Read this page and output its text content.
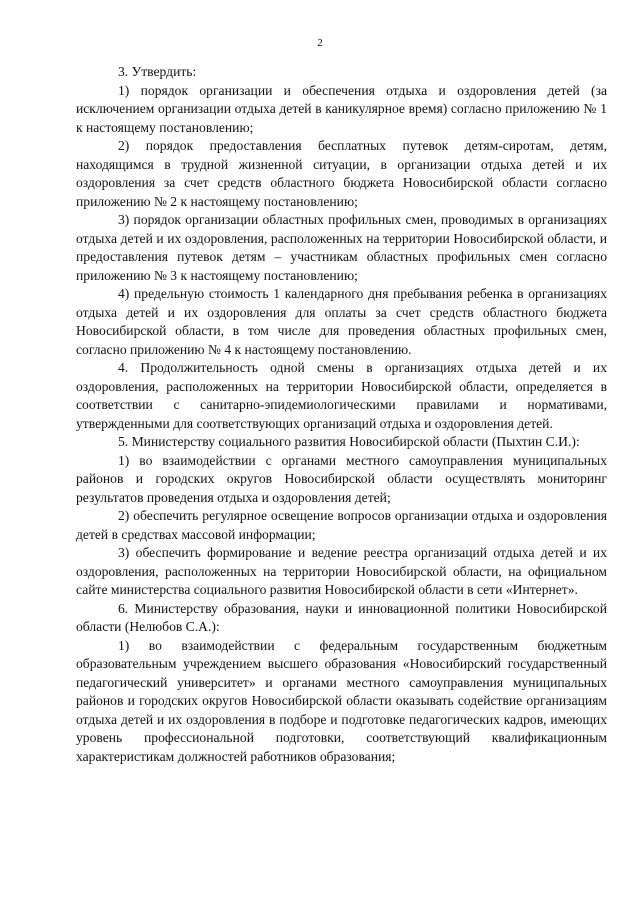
2

3. Утвердить:

1) порядок организации и обеспечения отдыха и оздоровления детей (за исключением организации отдыха детей в каникулярное время) согласно приложению № 1 к настоящему постановлению;

2) порядок предоставления бесплатных путевок детям-сиротам, детям, находящимся в трудной жизненной ситуации, в организации отдыха детей и их оздоровления за счет средств областного бюджета Новосибирской области согласно приложению № 2 к настоящему постановлению;

3) порядок организации областных профильных смен, проводимых в организациях отдыха детей и их оздоровления, расположенных на территории Новосибирской области, и предоставления путевок детям – участникам областных профильных смен согласно приложению № 3 к настоящему постановлению;

4) предельную стоимость 1 календарного дня пребывания ребенка в организациях отдыха детей и их оздоровления для оплаты за счет средств областного бюджета Новосибирской области, в том числе для проведения областных профильных смен, согласно приложению № 4 к настоящему постановлению.

4. Продолжительность одной смены в организациях отдыха детей и их оздоровления, расположенных на территории Новосибирской области, определяется в соответствии с санитарно-эпидемиологическими правилами и нормативами, утвержденными для соответствующих организаций отдыха и оздоровления детей.

5. Министерству социального развития Новосибирской области (Пыхтин С.И.):

1) во взаимодействии с органами местного самоуправления муниципальных районов и городских округов Новосибирской области осуществлять мониторинг результатов проведения отдыха и оздоровления детей;

2) обеспечить регулярное освещение вопросов организации отдыха и оздоровления детей в средствах массовой информации;

3) обеспечить формирование и ведение реестра организаций отдыха детей и их оздоровления, расположенных на территории Новосибирской области, на официальном сайте министерства социального развития Новосибирской области в сети «Интернет».

6. Министерству образования, науки и инновационной политики Новосибирской области (Нелюбов С.А.):

1) во взаимодействии с федеральным государственным бюджетным образовательным учреждением высшего образования «Новосибирский государственный педагогический университет» и органами местного самоуправления муниципальных районов и городских округов Новосибирской области оказывать содействие организациям отдыха детей и их оздоровления в подборе и подготовке педагогических кадров, имеющих уровень профессиональной подготовки, соответствующий квалификационным характеристикам должностей работников образования;
